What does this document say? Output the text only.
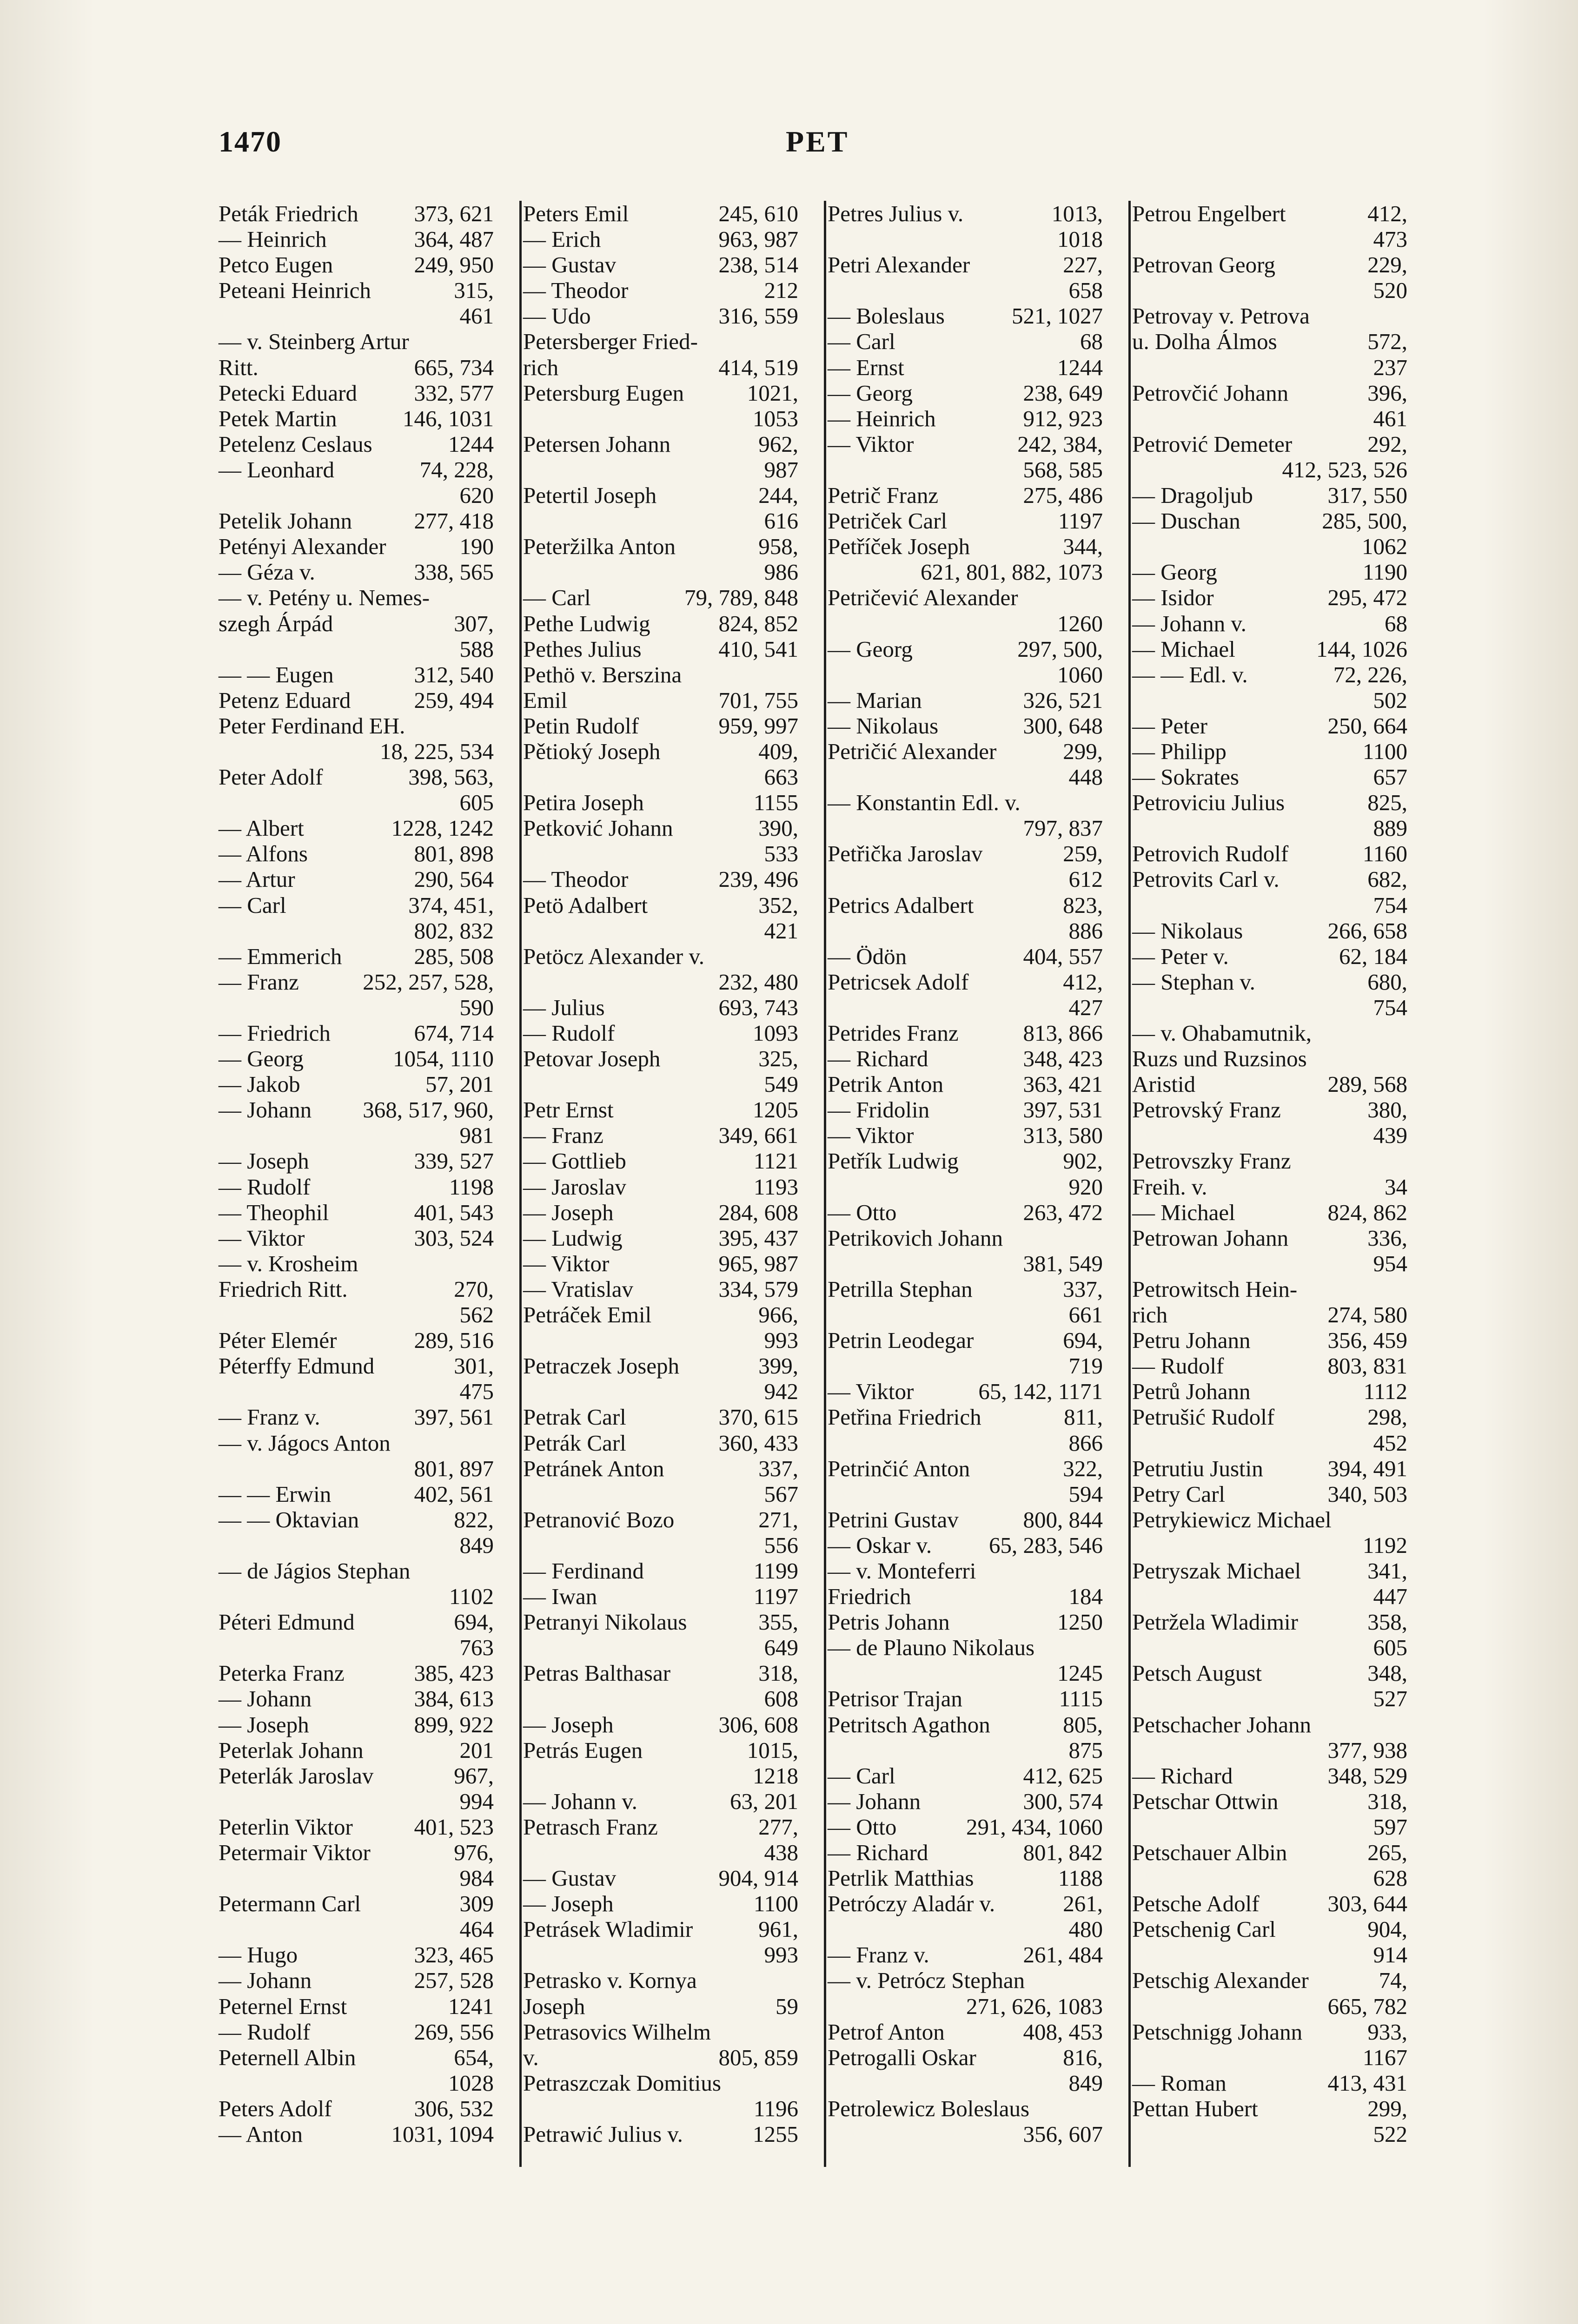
1470	PET
Peták Friedrich 373, 621
— Heinrich	364, 487
Petco Eugen	249, 950
Peteani Heinrich	315,
461
— v. Steinberg Artur
Ritt.	665, 734
Petecki Eduard	332, 577
Petek Martin	146, 1031
Petelenz Ceslaus	1244
— Leonhard	74, 228,
620
Petelik Johann	277, 418
Petényi Alexander	190
— Géza v.	338, 565
— v. Petény u. Nemes-
szegh Árpád	307,
588
— — Eugen	312, 540
Petenz Eduard	259, 494
Peter Ferdinand EH.
18, 225, 534
Peter Adolf	398, 563,
605
— Albert	1228, 1242
— Alfons	801, 898
— Artur	290, 564
— Carl	374, 451,
802, 832
— Emmerich	285, 508
— Franz	252, 257, 528,
590
— Friedrich	674, 714
— Georg	1054, 1110
— Jakob	57, 201
— Johann 368, 517, 960,
981
— Joseph	339, 527
— Rudolf	1198
— Theophil	401, 543
— Viktor	303, 524
— v. Krosheim
Friedrich Ritt.	270,
562
Péter Elemér	289, 516
Péterffy Edmund	301,
475
— Franz v.	397, 561
— v. Jágocs Anton
801, 897
— — Erwin	402, 561
— — Oktavian	822,
849
— de Jágios Stephan
1102
Péteri Edmund	694,
763
Peterka Franz	385, 423
— Johann	384, 613
— Joseph	899, 922
Peterlak Johann	201
Peterlák Jaroslav	967,
994
Peterlin Viktor	401, 523
Petermair Viktor	976,
984
Petermann Carl	309
464
— Hugo	323, 465
— Johann	257, 528
Peternel Ernst	1241
— Rudolf	269, 556
Peternell Albin	654,
1028
Peters Adolf	306, 532
— Anton	1031, 1094
Peters Emil	245, 610
— Erich	963, 987
— Gustav	238, 514
— Theodor	212
— Udo	316, 559
Petersberger Fried-
rich	414, 519
Petersburg Eugen	1021,
1053
Petersen Johann	962,
987
Petertil Joseph	244,
616
Peteržilka Anton	958,
986
— Carl	79, 789, 848
Pethe Ludwig	824, 852
Pethes Julius	410, 541
Pethö v. Berszina
Emil	701, 755
Petin Rudolf	959, 997
Pětioký Joseph	409,
663
Petira Joseph	1155
Petković Johann	390,
533
— Theodor	239, 496
Petö Adalbert	352,
421
Petöcz Alexander v.
232, 480
— Julius	693, 743
— Rudolf	1093
Petovar Joseph	325,
549
Petr Ernst	1205
— Franz	349, 661
— Gottlieb	1121
— Jaroslav	1193
— Joseph	284, 608
— Ludwig	395, 437
— Viktor	965, 987
— Vratislav	334, 579
Petráček Emil	966,
993
Petraczek Joseph	399,
942
Petrak Carl	370, 615
Petrák Carl	360, 433
Petránek Anton	337,
567
Petranović Bozo	271,
556
— Ferdinand	1199
— Iwan	1197
Petranyi Nikolaus	355,
649
Petras Balthasar	318,
608
— Joseph	306, 608
Petrás Eugen	1015,
1218
— Johann v.	63, 201
Petrasch Franz	277,
438
— Gustav	904, 914
— Joseph	1100
Petrásek Wladimir	961,
993
Petrasko v. Kornya
Joseph	59
Petrasovics Wilhelm
v.	805, 859
Petraszczak Domitius
1196
Petrawić Julius v.	1255
Petres Julius v.	1013,
1018
Petri Alexander	227,
658
— Boleslaus	521, 1027
— Carl	68
— Ernst	1244
— Georg	238, 649
— Heinrich	912, 923
— Viktor	242, 384,
568, 585
Petrič Franz	275, 486
Petriček Carl	1197
Petříček Joseph	344,
621, 801, 882, 1073
Petričević Alexander
1260
— Georg	297, 500,
1060
— Marian	326, 521
— Nikolaus	300, 648
Petričić Alexander	299,
448
— Konstantin Edl. v.
797, 837
Petřička Jaroslav	259,
612
Petrics Adalbert	823,
886
— Ödön	404, 557
Petricsek Adolf	412,
427
Petrides Franz	813, 866
— Richard	348, 423
Petrik Anton	363, 421
— Fridolin	397, 531
— Viktor	313, 580
Petřík Ludwig	902,
920
— Otto	263, 472
Petrikovich Johann
381, 549
Petrilla Stephan	337,
661
Petrin Leodegar	694,
719
— Viktor	65, 142, 1171
Petřina Friedrich	811,
866
Petrinčić Anton	322,
594
Petrini Gustav	800, 844
— Oskar v.	65, 283, 546
— v. Monteferri
Friedrich	184
Petris Johann	1250
— de Plauno Nikolaus
1245
Petrisor Trajan	1115
Petritsch Agathon	805,
875
— Carl	412, 625
— Johann	300, 574
— Otto	291, 434, 1060
— Richard	801, 842
Petrlik Matthias	1188
Petróczy Aladár v.	261,
480
— Franz v.	261, 484
— v. Petrócz Stephan
271, 626, 1083
Petrof Anton	408, 453
Petrogalli Oskar	816,
849
Petrolewicz Boleslaus
356, 607
Petrou Engelbert	412,
473
Petrovan Georg	229,
520
Petrovay v. Petrova
u. Dolha Álmos	572,
237
Petrovčić Johann	396,
461
Petrović Demeter	292,
412, 523, 526
— Dragoljub	317, 550
— Duschan	285, 500,
1062
— Georg	1190
— Isidor	295, 472
— Johann v.	68
— Michael	144, 1026
— — Edl. v.	72, 226,
502
— Peter	250, 664
— Philipp	1100
— Sokrates	657
Petroviciu Julius	825,
889
Petrovich Rudolf	1160
Petrovits Carl v.	682,
754
— Nikolaus	266, 658
— Peter v.	62, 184
— Stephan v.	680,
754
— v. Ohabamutnik,
Ruzs und Ruzsinos
Aristid	289, 568
Petrovský Franz	380,
439
Petrovszky Franz
Freih. v.	34
— Michael	824, 862
Petrowan Johann	336,
954
Petrowitsch Hein-
rich	274, 580
Petru Johann	356, 459
— Rudolf	803, 831
Petrů Johann	1112
Petrušić Rudolf	298,
452
Petrutiu Justin	394, 491
Petry Carl	340, 503
Petrykiewicz Michael
1192
Petryszak Michael	341,
447
Petržela Wladimir	358,
605
Petsch August	348,
527
Petschacher Johann
377, 938
— Richard	348, 529
Petschar Ottwin	318,
597
Petschauer Albin	265,
628
Petsche Adolf	303, 644
Petschenig Carl	904,
914
Petschig Alexander	74,
665, 782
Petschnigg Johann	933,
1167
— Roman	413, 431
Pettan Hubert	299,
522
